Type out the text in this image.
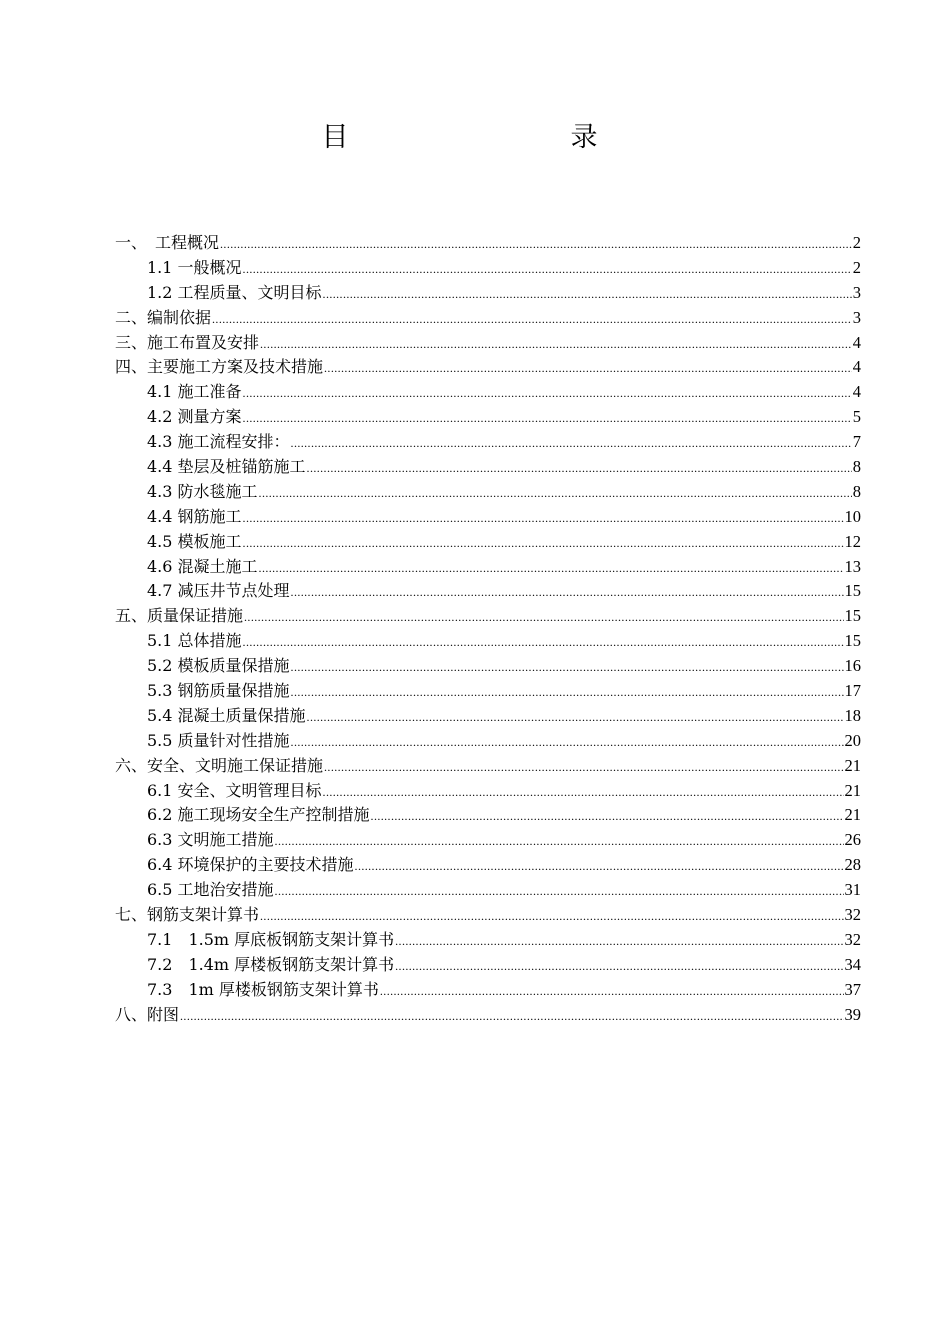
目　　录
一、　工程概况 .....	2
1.1 一般概况 .....	2
1.2 工程质量、文明目标 .....	3
二、编制依据 .....	3
三、施工布置及安排 .....	4
四、主要施工方案及技术措施 .....	4
4.1 施工准备 .....	4
4.2 测量方案 .....	5
4.3 施工流程安排： .....	7
4.4 垫层及桩锚筋施工 .....	8
4.3 防水毯施工 .....	8
4.4 钢筋施工 .....	10
4.5 模板施工 .....	12
4.6 混凝土施工 .....	13
4.7 减压井节点处理 .....	15
五、质量保证措施 .....	15
5.1 总体措施 .....	15
5.2 模板质量保措施 .....	16
5.3 钢筋质量保措施 .....	17
5.4 混凝土质量保措施 .....	18
5.5 质量针对性措施 .....	20
六、安全、文明施工保证措施 .....	21
6.1 安全、文明管理目标 .....	21
6.2 施工现场安全生产控制措施 .....	21
6.3 文明施工措施 .....	26
6.4 环境保护的主要技术措施 .....	28
6.5 工地治安措施 .....	31
七、钢筋支架计算书 .....	32
7.1　1.5m 厚底板钢筋支架计算书 .....	32
7.2　1.4m 厚楼板钢筋支架计算书 .....	34
7.3　1m 厚楼板钢筋支架计算书 .....	37
八、附图 .....	39
